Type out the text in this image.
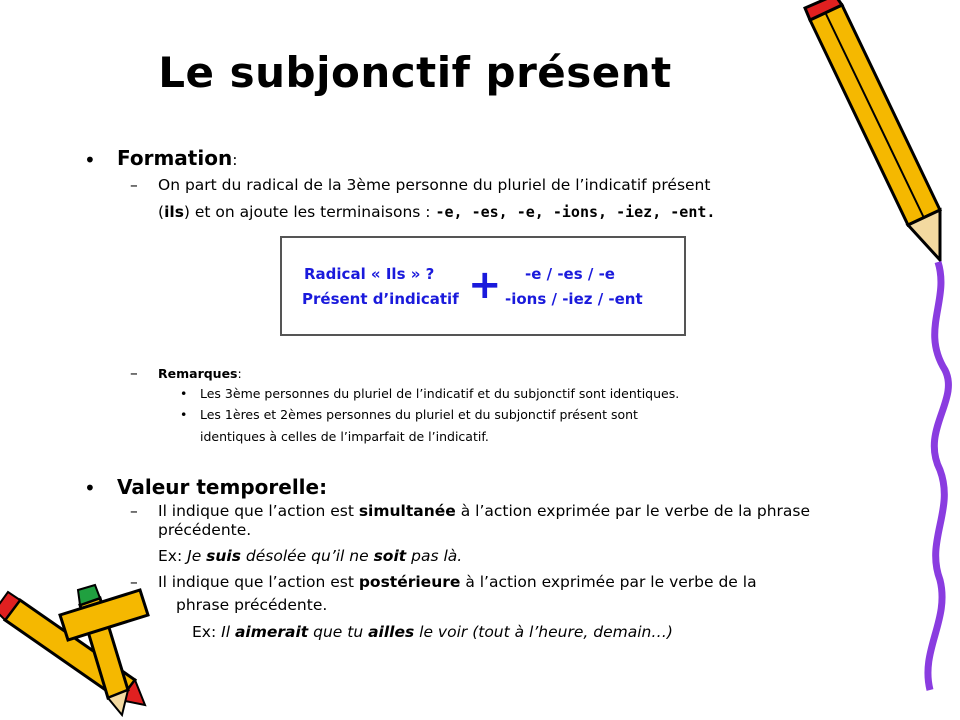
Le subjonctif présent
• Formation:
– On part du radical de la 3ème personne du pluriel de l’indicatif présent
(ils) et on ajoute les terminaisons : -e, -es, -e, -ions, -iez, -ent.
Radical « Ils » ?
Présent d’indicatif + -e / -es / -e
-ions / -iez / -ent
– Remarques:
• Les 3ème personnes du pluriel de l’indicatif et du subjonctif sont identiques.
• Les 1ères et 2èmes personnes du pluriel et du subjonctif présent sont
identiques à celles de l’imparfait de l’indicatif.
• Valeur temporelle:
– Il indique que l’action est simultanée à l’action exprimée par le verbe de la phrase
précédente.
Ex: Je suis désolée qu’il ne soit pas là.
– Il indique que l’action est postérieure à l’action exprimée par le verbe de la
phrase précédente.
Ex: Il aimerait que tu ailles le voir (tout à l’heure, demain…)
